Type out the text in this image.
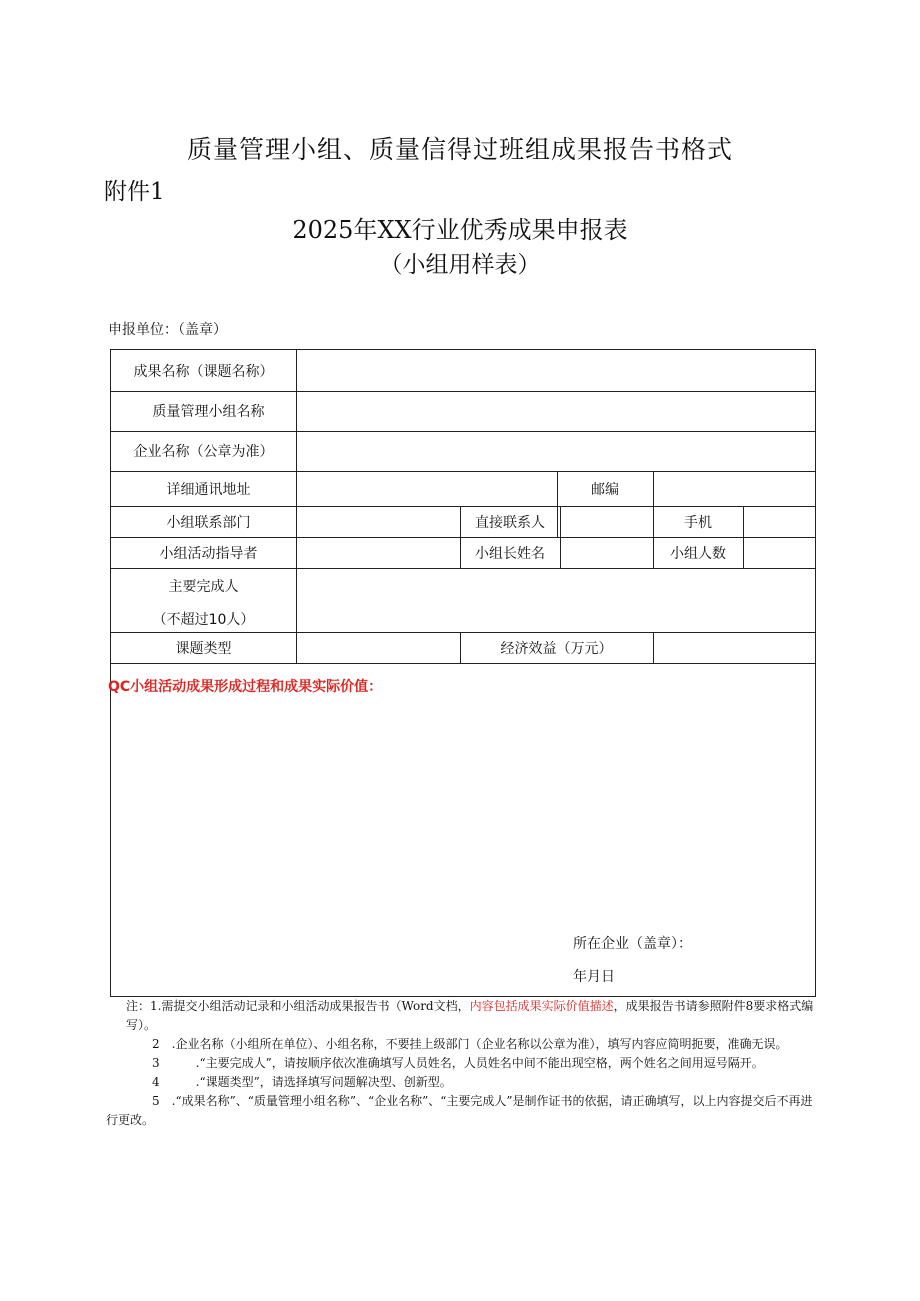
质量管理小组、质量信得过班组成果报告书格式
附件1
2025年XX行业优秀成果申报表
（小组用样表）
申报单位：（盖章）
成果名称（课题名称）
质量管理小组名称
企业名称（公章为准）
详细通讯地址	邮编
小组联系部门	直接联系人	手机
小组活动指导者	小组长姓名	小组人数
主要完成人
（不超过10人）
课题类型	经济效益（万元）
QC小组活动成果形成过程和成果实际价值：
所在企业（盖章）：
年月日

注：1.需提交小组活动记录和小组活动成果报告书（Word文档，内容包括成果实际价值描述，成果报告书请参照附件8要求格式编写）。

2　.企业名称（小组所在单位）、小组名称，不要挂上级部门（企业名称以公章为准），填写内容应简明扼要，准确无误。

3　　　.“主要完成人”，请按顺序依次准确填写人员姓名，人员姓名中间不能出现空格，两个姓名之间用逗号隔开。

4　　　.“课题类型”，请选择填写问题解决型、创新型。

5　.“成果名称”、“质量管理小组名称”、“企业名称”、“主要完成人”是制作证书的依据，请正确填写，以上内容提交后不再进行更改。
